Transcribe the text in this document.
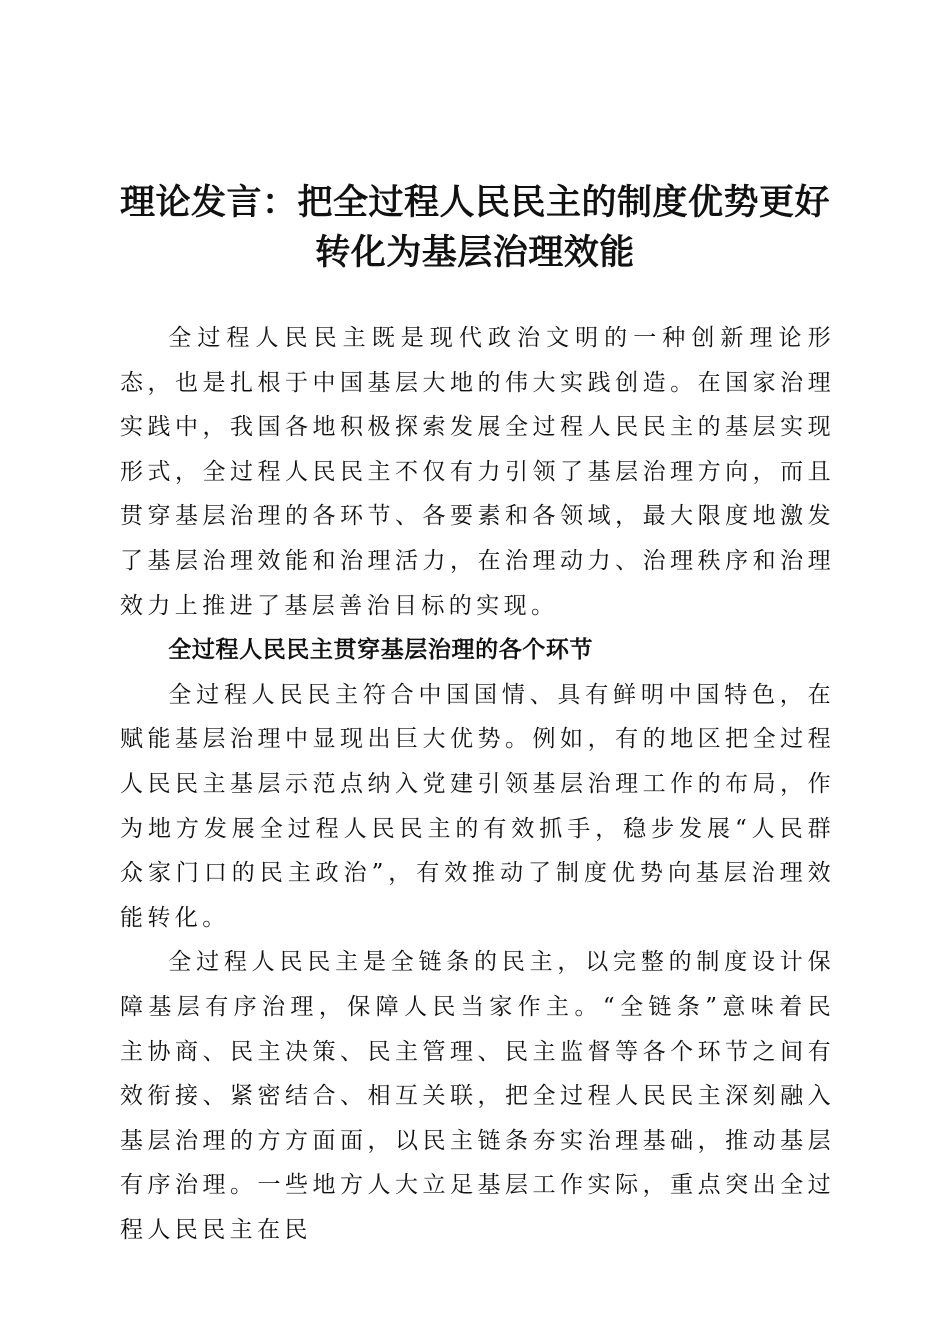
理论发言：把全过程人民民主的制度优势更好
转化为基层治理效能

全过程人民民主既是现代政治文明的一种创新理论形态，也是扎根于中国基层大地的伟大实践创造。在国家治理实践中，我国各地积极探索发展全过程人民民主的基层实现形式，全过程人民民主不仅有力引领了基层治理方向，而且贯穿基层治理的各环节、各要素和各领域，最大限度地激发了基层治理效能和治理活力，在治理动力、治理秩序和治理效力上推进了基层善治目标的实现。

全过程人民民主贯穿基层治理的各个环节

全过程人民民主符合中国国情、具有鲜明中国特色，在赋能基层治理中显现出巨大优势。例如，有的地区把全过程人民民主基层示范点纳入党建引领基层治理工作的布局，作为地方发展全过程人民民主的有效抓手，稳步发展“人民群众家门口的民主政治”，有效推动了制度优势向基层治理效能转化。

全过程人民民主是全链条的民主，以完整的制度设计保障基层有序治理，保障人民当家作主。“全链条”意味着民主协商、民主决策、民主管理、民主监督等各个环节之间有效衔接、紧密结合、相互关联，把全过程人民民主深刻融入基层治理的方方面面，以民主链条夯实治理基础，推动基层有序治理。一些地方人大立足基层工作实际，重点突出全过程人民民主在民
